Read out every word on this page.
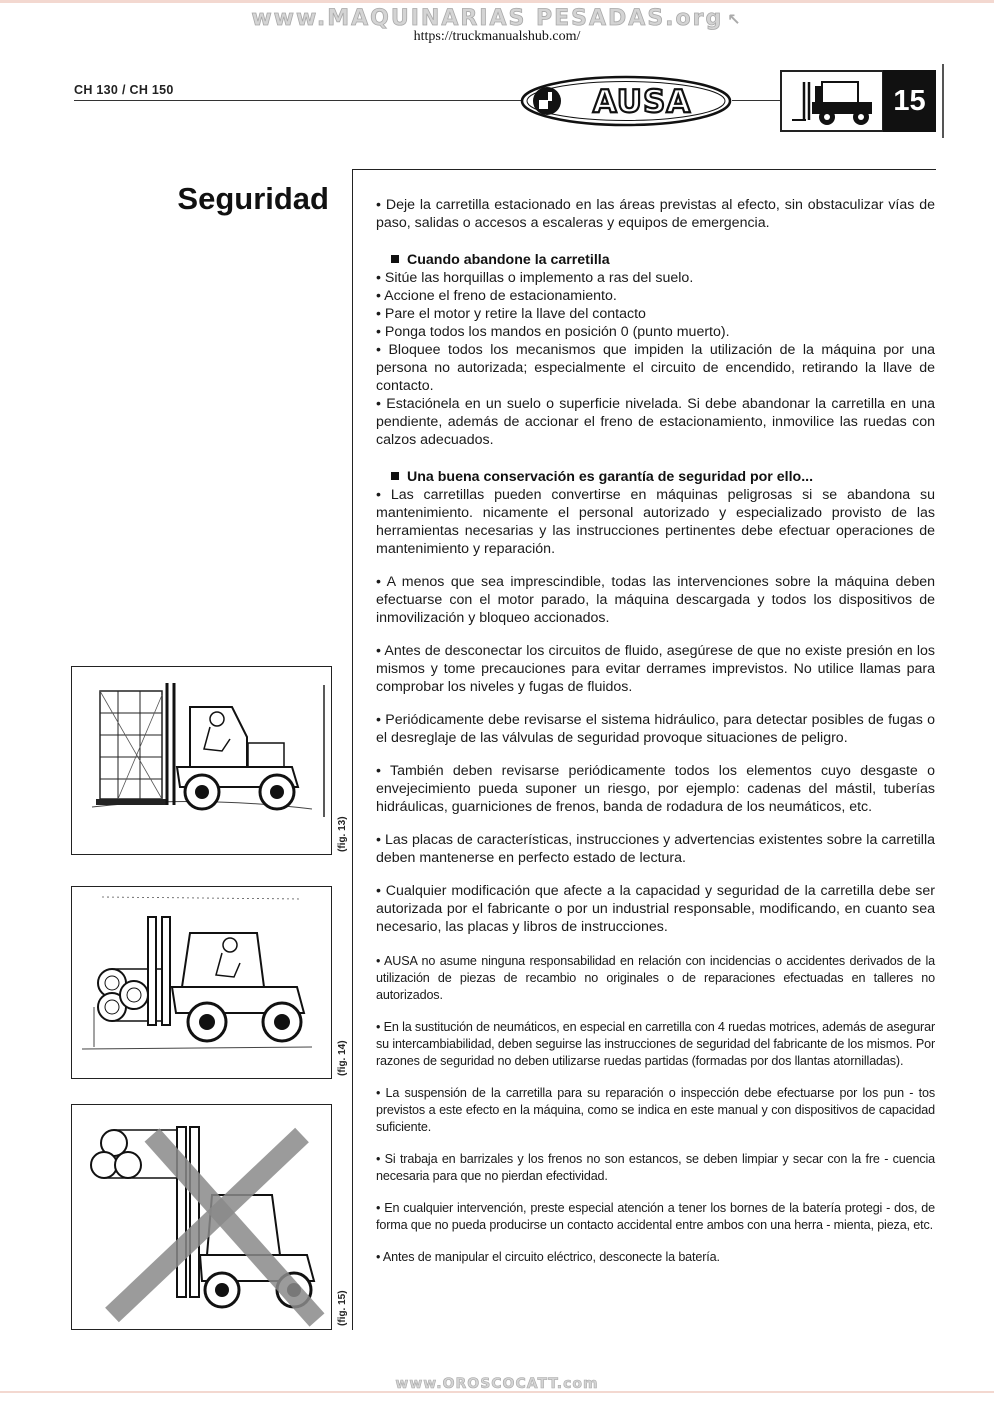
www.MAQUINARIAS PESADAS.org ↖
https://truckmanualshub.com/
www.OROSCOCATT.com
CH 130 / CH 150	AUSA	15
Seguridad	• Deje la carretilla estacionado en las áreas previstas al efecto, sin obstaculizar vías de paso, salidas o accesos a escaleras y equipos de emergencia.

Cuando abandone la carretilla

• Sitúe las horquillas o implemento a ras del suelo.

• Accione el freno de estacionamiento.

• Pare el motor y retire la llave del contacto

• Ponga todos los mandos en posición 0 (punto muerto).

• Bloquee todos los mecanismos que impiden la utilización de la máquina por una persona no autorizada; especialmente el circuito de encendido, retirando la llave de contacto.

• Estaciónela en un suelo o superficie nivelada. Si debe abandonar la carretilla en una pendiente, además de accionar el freno de estacionamiento, inmovilice las ruedas con calzos adecuados.

Una buena conservación es garantía de seguridad por ello...

• Las carretillas pueden convertirse en máquinas peligrosas si se abandona su mantenimiento. nicamente el personal autorizado y especializado provisto de las herramientas necesarias y las instrucciones pertinentes debe efectuar operaciones de mantenimiento y reparación.

• A menos que sea imprescindible, todas las intervenciones sobre la máquina deben efectuarse con el motor parado, la máquina descargada y todos los dispositivos de inmovilización y bloqueo accionados.

• Antes de desconectar los circuitos de fluido, asegúrese de que no existe presión en los mismos y tome precauciones para evitar derrames imprevistos. No utilice llamas para comprobar los niveles y fugas de fluidos.

• Periódicamente debe revisarse el sistema hidráulico, para detectar posibles de fugas o el desreglaje de las válvulas de seguridad provoque situaciones de peligro.

• También deben revisarse periódicamente todos los elementos cuyo desgaste o envejecimiento pueda suponer un riesgo, por ejemplo: cadenas del mástil, tuberías hidráulicas, guarniciones de frenos, banda de rodadura de los neumáticos, etc.

• Las placas de características, instrucciones y advertencias existentes sobre la carretilla deben mantenerse en perfecto estado de lectura.

• Cualquier modificación que afecte a la capacidad y seguridad de la carretilla debe ser autorizada por el fabricante o por un industrial responsable, modificando, en cuanto sea necesario, las placas y libros de instrucciones.

• AUSA no asume ninguna responsabilidad en relación con incidencias o accidentes derivados de la utilización de piezas de recambio no originales o de reparaciones efectuadas en talleres no autorizados.

• En la sustitución de neumáticos, en especial en carretilla con 4 ruedas motrices, además de asegurar su intercambiabilidad, deben seguirse las instrucciones de seguridad del fabricante de los mismos. Por razones de seguridad no deben utilizarse ruedas partidas (formadas por dos llantas atornilladas).

• La suspensión de la carretilla para su reparación o inspección debe efectuarse por los pun - tos previstos a este efecto en la máquina, como se indica en este manual y con dispositivos de capacidad suficiente.

• Si trabaja en barrizales y los frenos no son estancos, se deben limpiar y secar con la fre - cuencia necesaria para que no pierdan efectividad.

• En cualquier intervención, preste especial atención a tener los bornes de la batería protegi - dos, de forma que no pueda producirse un contacto accidental entre ambos con una herra - mienta, pieza, etc.

• Antes de manipular el circuito eléctrico, desconecte la batería.

(fig. 13)
(fig. 14)
(fig. 15)
